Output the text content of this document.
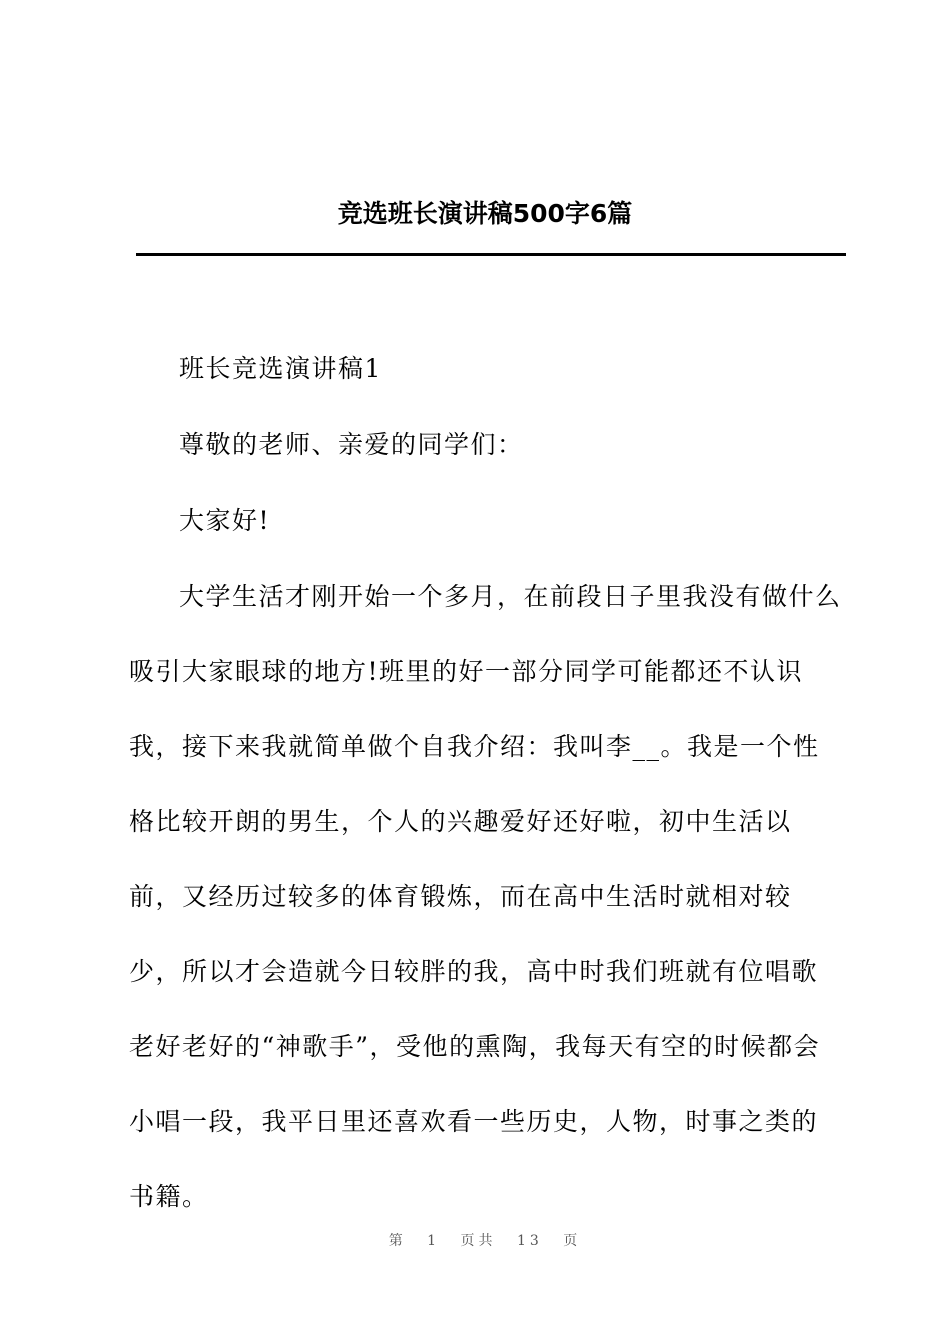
竞选班长演讲稿500字6篇

班长竞选演讲稿1

尊敬的老师、亲爱的同学们：

大家好!

大学生活才刚开始一个多月，在前段日子里我没有做什么吸引大家眼球的地方!班里的好一部分同学可能都还不认识我，接下来我就简单做个自我介绍：我叫李__。我是一个性格比较开朗的男生，个人的兴趣爱好还好啦，初中生活以前，又经历过较多的体育锻炼，而在高中生活时就相对较少，所以才会造就今日较胖的我，高中时我们班就有位唱歌老好老好的“神歌手”，受他的熏陶，我每天有空的时候都会小唱一段，我平日里还喜欢看一些历史，人物，时事之类的书籍。

第 1 页共 13 页
